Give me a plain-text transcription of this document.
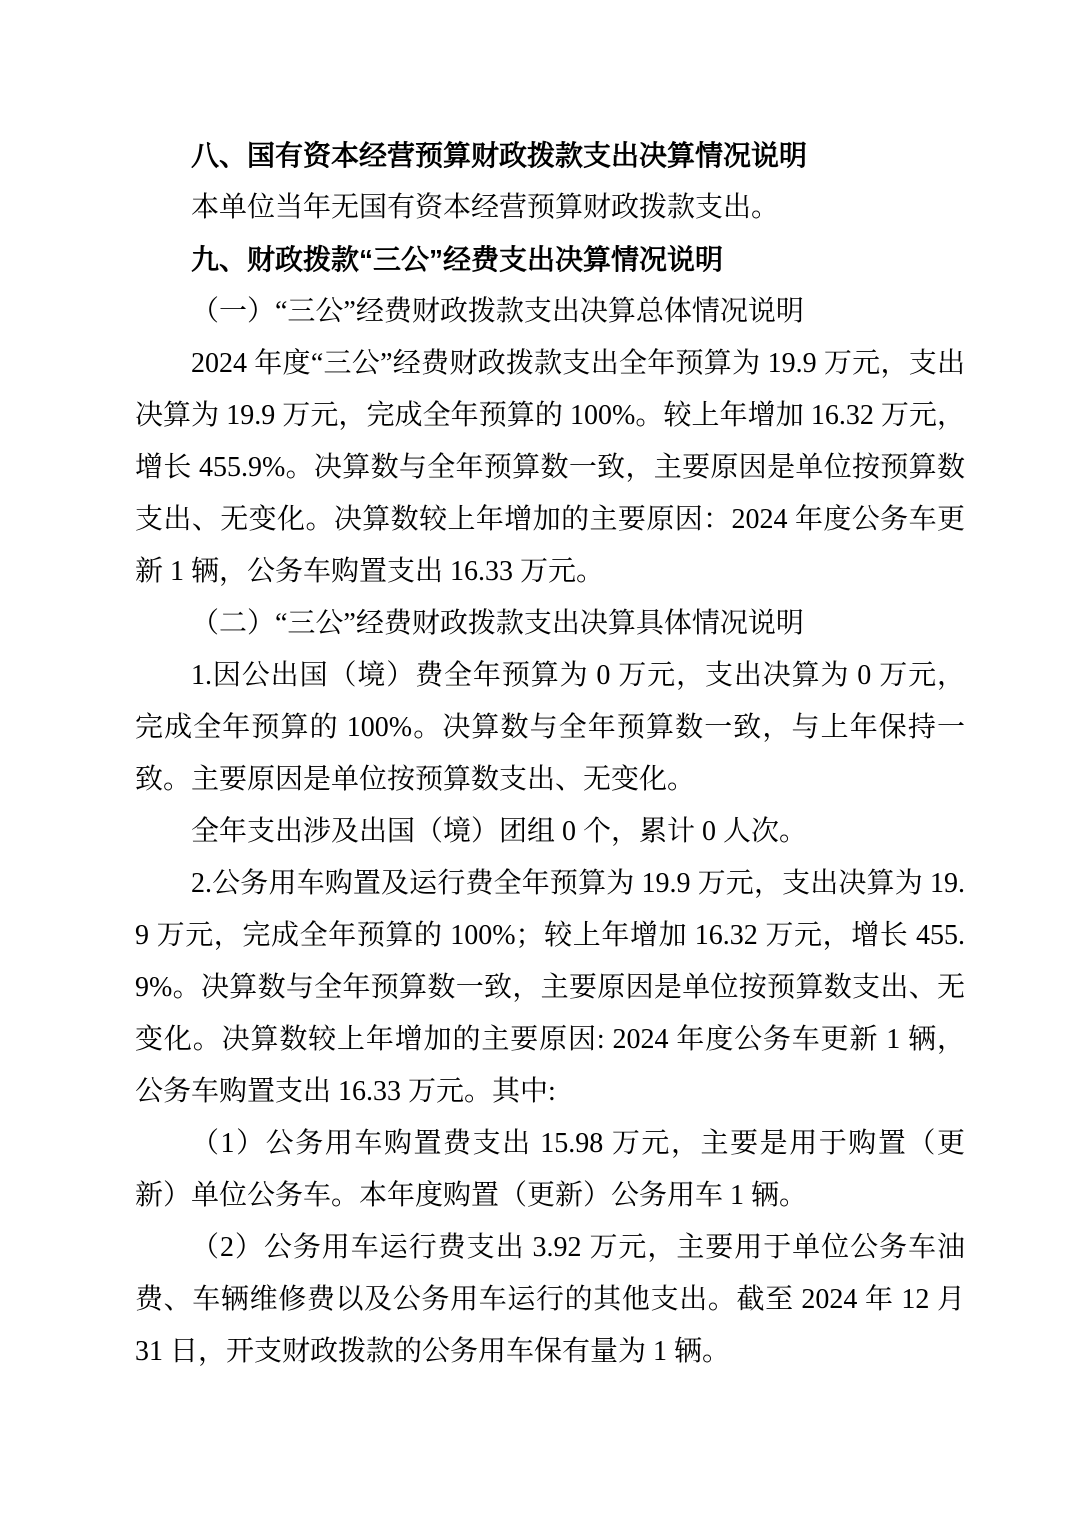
八、国有资本经营预算财政拨款支出决算情况说明

本单位当年无国有资本经营预算财政拨款支出。

九、财政拨款“三公”经费支出决算情况说明

（一）“三公”经费财政拨款支出决算总体情况说明

2024 年度“三公”经费财政拨款支出全年预算为 19.9 万元，支出决算为 19.9 万元，完成全年预算的 100%。较上年增加 16.32 万元，增长 455.9%。决算数与全年预算数一致，主要原因是单位按预算数支出、无变化。决算数较上年增加的主要原因：2024 年度公务车更新 1 辆，公务车购置支出 16.33 万元。

（二）“三公”经费财政拨款支出决算具体情况说明

1.因公出国（境）费全年预算为 0 万元，支出决算为 0 万元，完成全年预算的 100%。决算数与全年预算数一致，与上年保持一致。主要原因是单位按预算数支出、无变化。

全年支出涉及出国（境）团组 0 个，累计 0 人次。

2.公务用车购置及运行费全年预算为 19.9 万元，支出决算为 19.9 万元，完成全年预算的 100%；较上年增加 16.32 万元，增长 455.9%。决算数与全年预算数一致，主要原因是单位按预算数支出、无变化。决算数较上年增加的主要原因: 2024 年度公务车更新 1 辆，公务车购置支出 16.33 万元。其中:

（1）公务用车购置费支出 15.98 万元，主要是用于购置（更新）单位公务车。本年度购置（更新）公务用车 1 辆。

（2）公务用车运行费支出 3.92 万元，主要用于单位公务车油费、车辆维修费以及公务用车运行的其他支出。截至 2024 年 12 月 31 日，开支财政拨款的公务用车保有量为 1 辆。
